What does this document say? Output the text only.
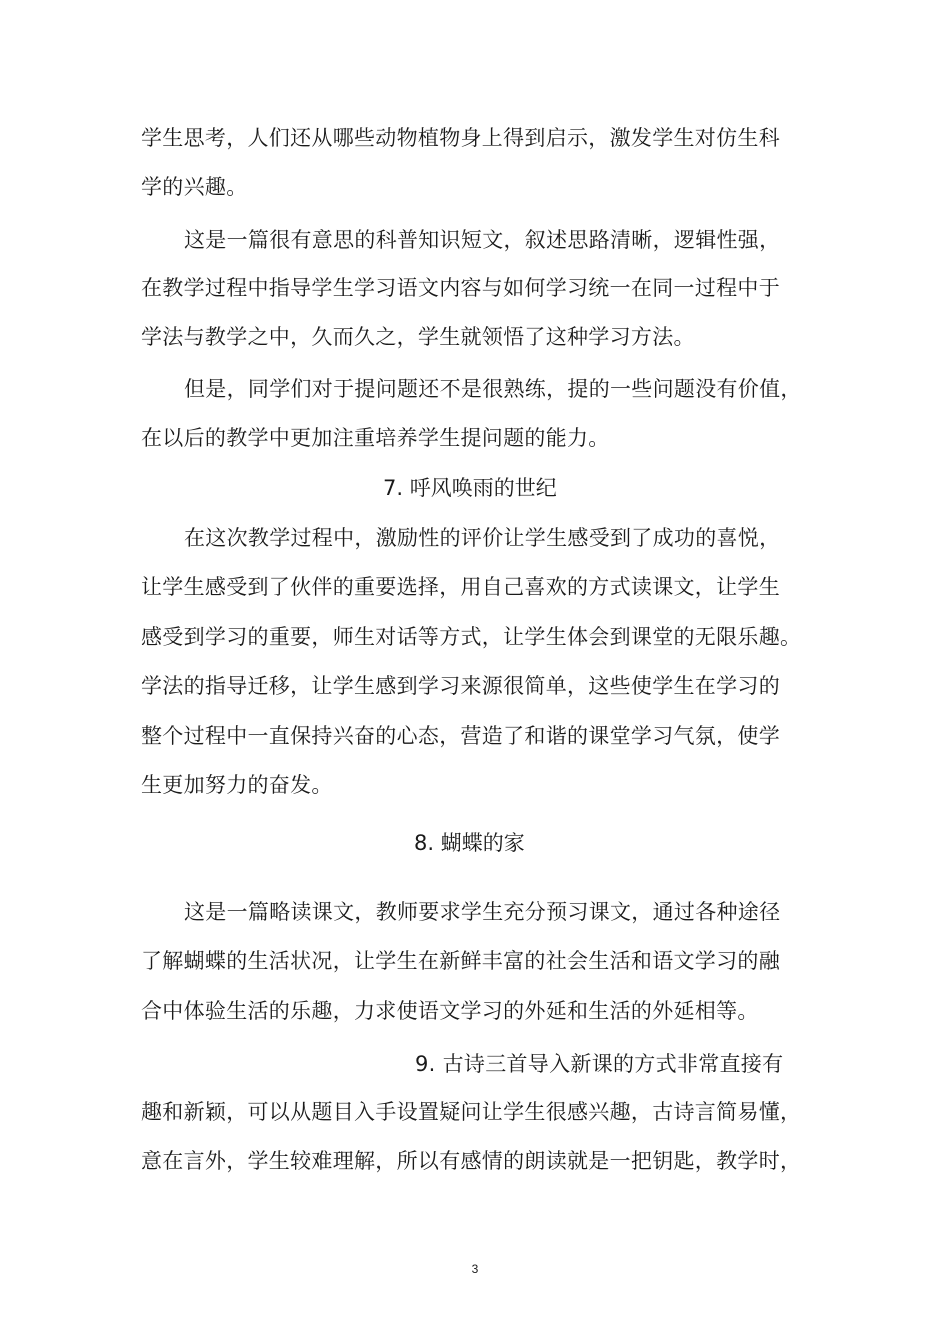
学生思考，人们还从哪些动物植物身上得到启示，激发学生对仿生科
学的兴趣。
这是一篇很有意思的科普知识短文，叙述思路清晰，逻辑性强，
在教学过程中指导学生学习语文内容与如何学习统一在同一过程中于
学法与教学之中，久而久之，学生就领悟了这种学习方法。
但是，同学们对于提问题还不是很熟练，提的一些问题没有价值，
在以后的教学中更加注重培养学生提问题的能力。
7. 呼风唤雨的世纪
在这次教学过程中，激励性的评价让学生感受到了成功的喜悦，
让学生感受到了伙伴的重要选择，用自己喜欢的方式读课文，让学生
感受到学习的重要，师生对话等方式，让学生体会到课堂的无限乐趣。
学法的指导迁移，让学生感到学习来源很简单，这些使学生在学习的
整个过程中一直保持兴奋的心态，营造了和谐的课堂学习气氛，使学
生更加努力的奋发。
8. 蝴蝶的家
这是一篇略读课文，教师要求学生充分预习课文，通过各种途径
了解蝴蝶的生活状况，让学生在新鲜丰富的社会生活和语文学习的融
合中体验生活的乐趣，力求使语文学习的外延和生活的外延相等。
9. 古诗三首导入新课的方式非常直接有
趣和新颖，可以从题目入手设置疑问让学生很感兴趣，古诗言简易懂，
意在言外，学生较难理解，所以有感情的朗读就是一把钥匙，教学时，
3
